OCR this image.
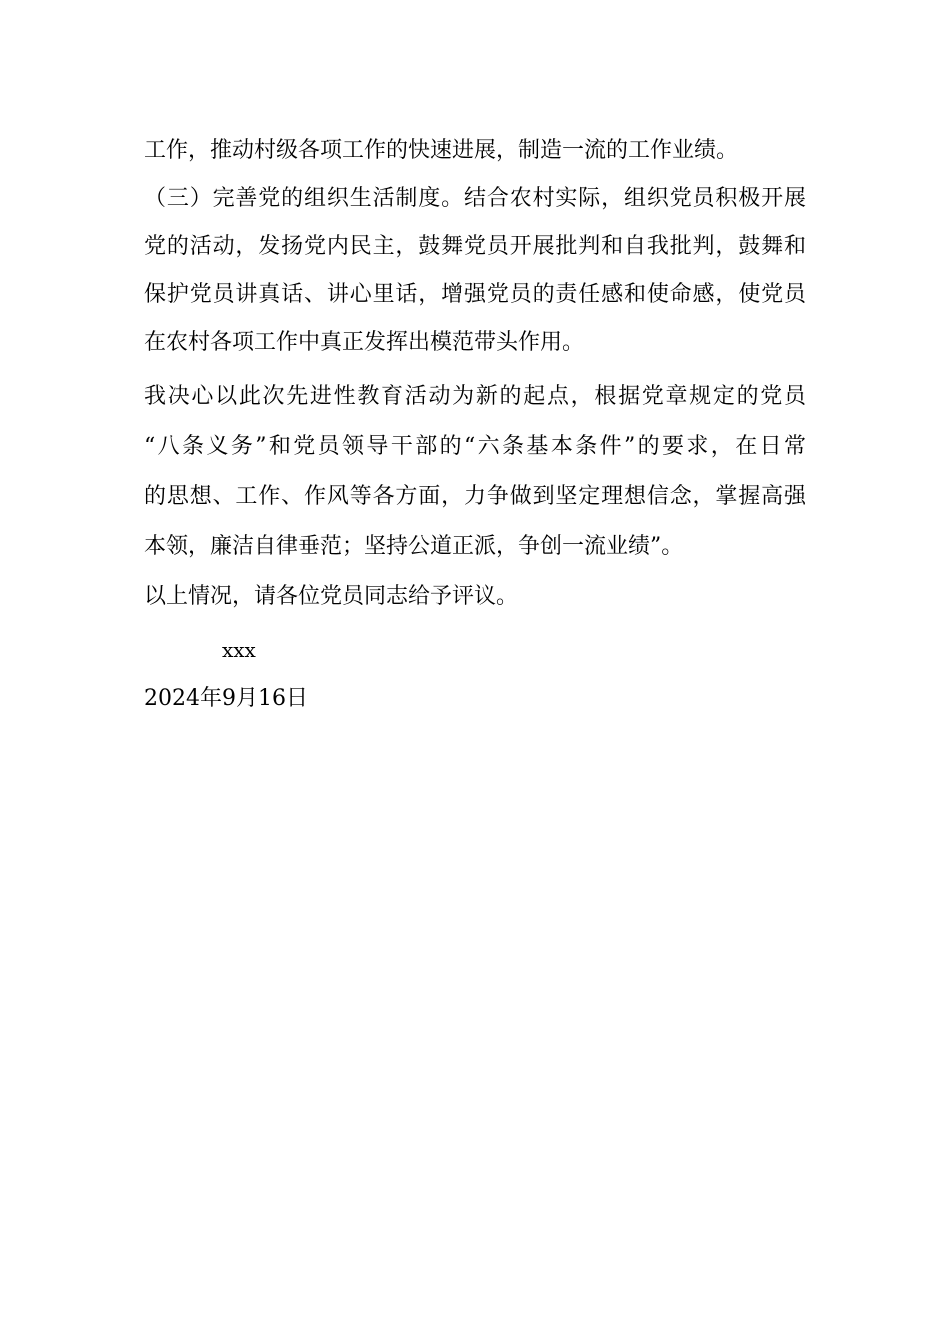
工作，推动村级各项工作的快速进展，制造一流的工作业绩。
（三）完善党的组织生活制度。结合农村实际，组织党员积极开展
党的活动，发扬党内民主，鼓舞党员开展批判和自我批判，鼓舞和
保护党员讲真话、讲心里话，增强党员的责任感和使命感，使党员
在农村各项工作中真正发挥出模范带头作用。
我决心以此次先进性教育活动为新的起点，根据党章规定的党员
“八条义务”和党员领导干部的“六条基本条件”的要求，在日常
的思想、工作、作风等各方面，力争做到坚定理想信念，掌握高强
本领，廉洁自律垂范；坚持公道正派，争创一流业绩”。
以上情况，请各位党员同志给予评议。
xxx
2024年9月16日
